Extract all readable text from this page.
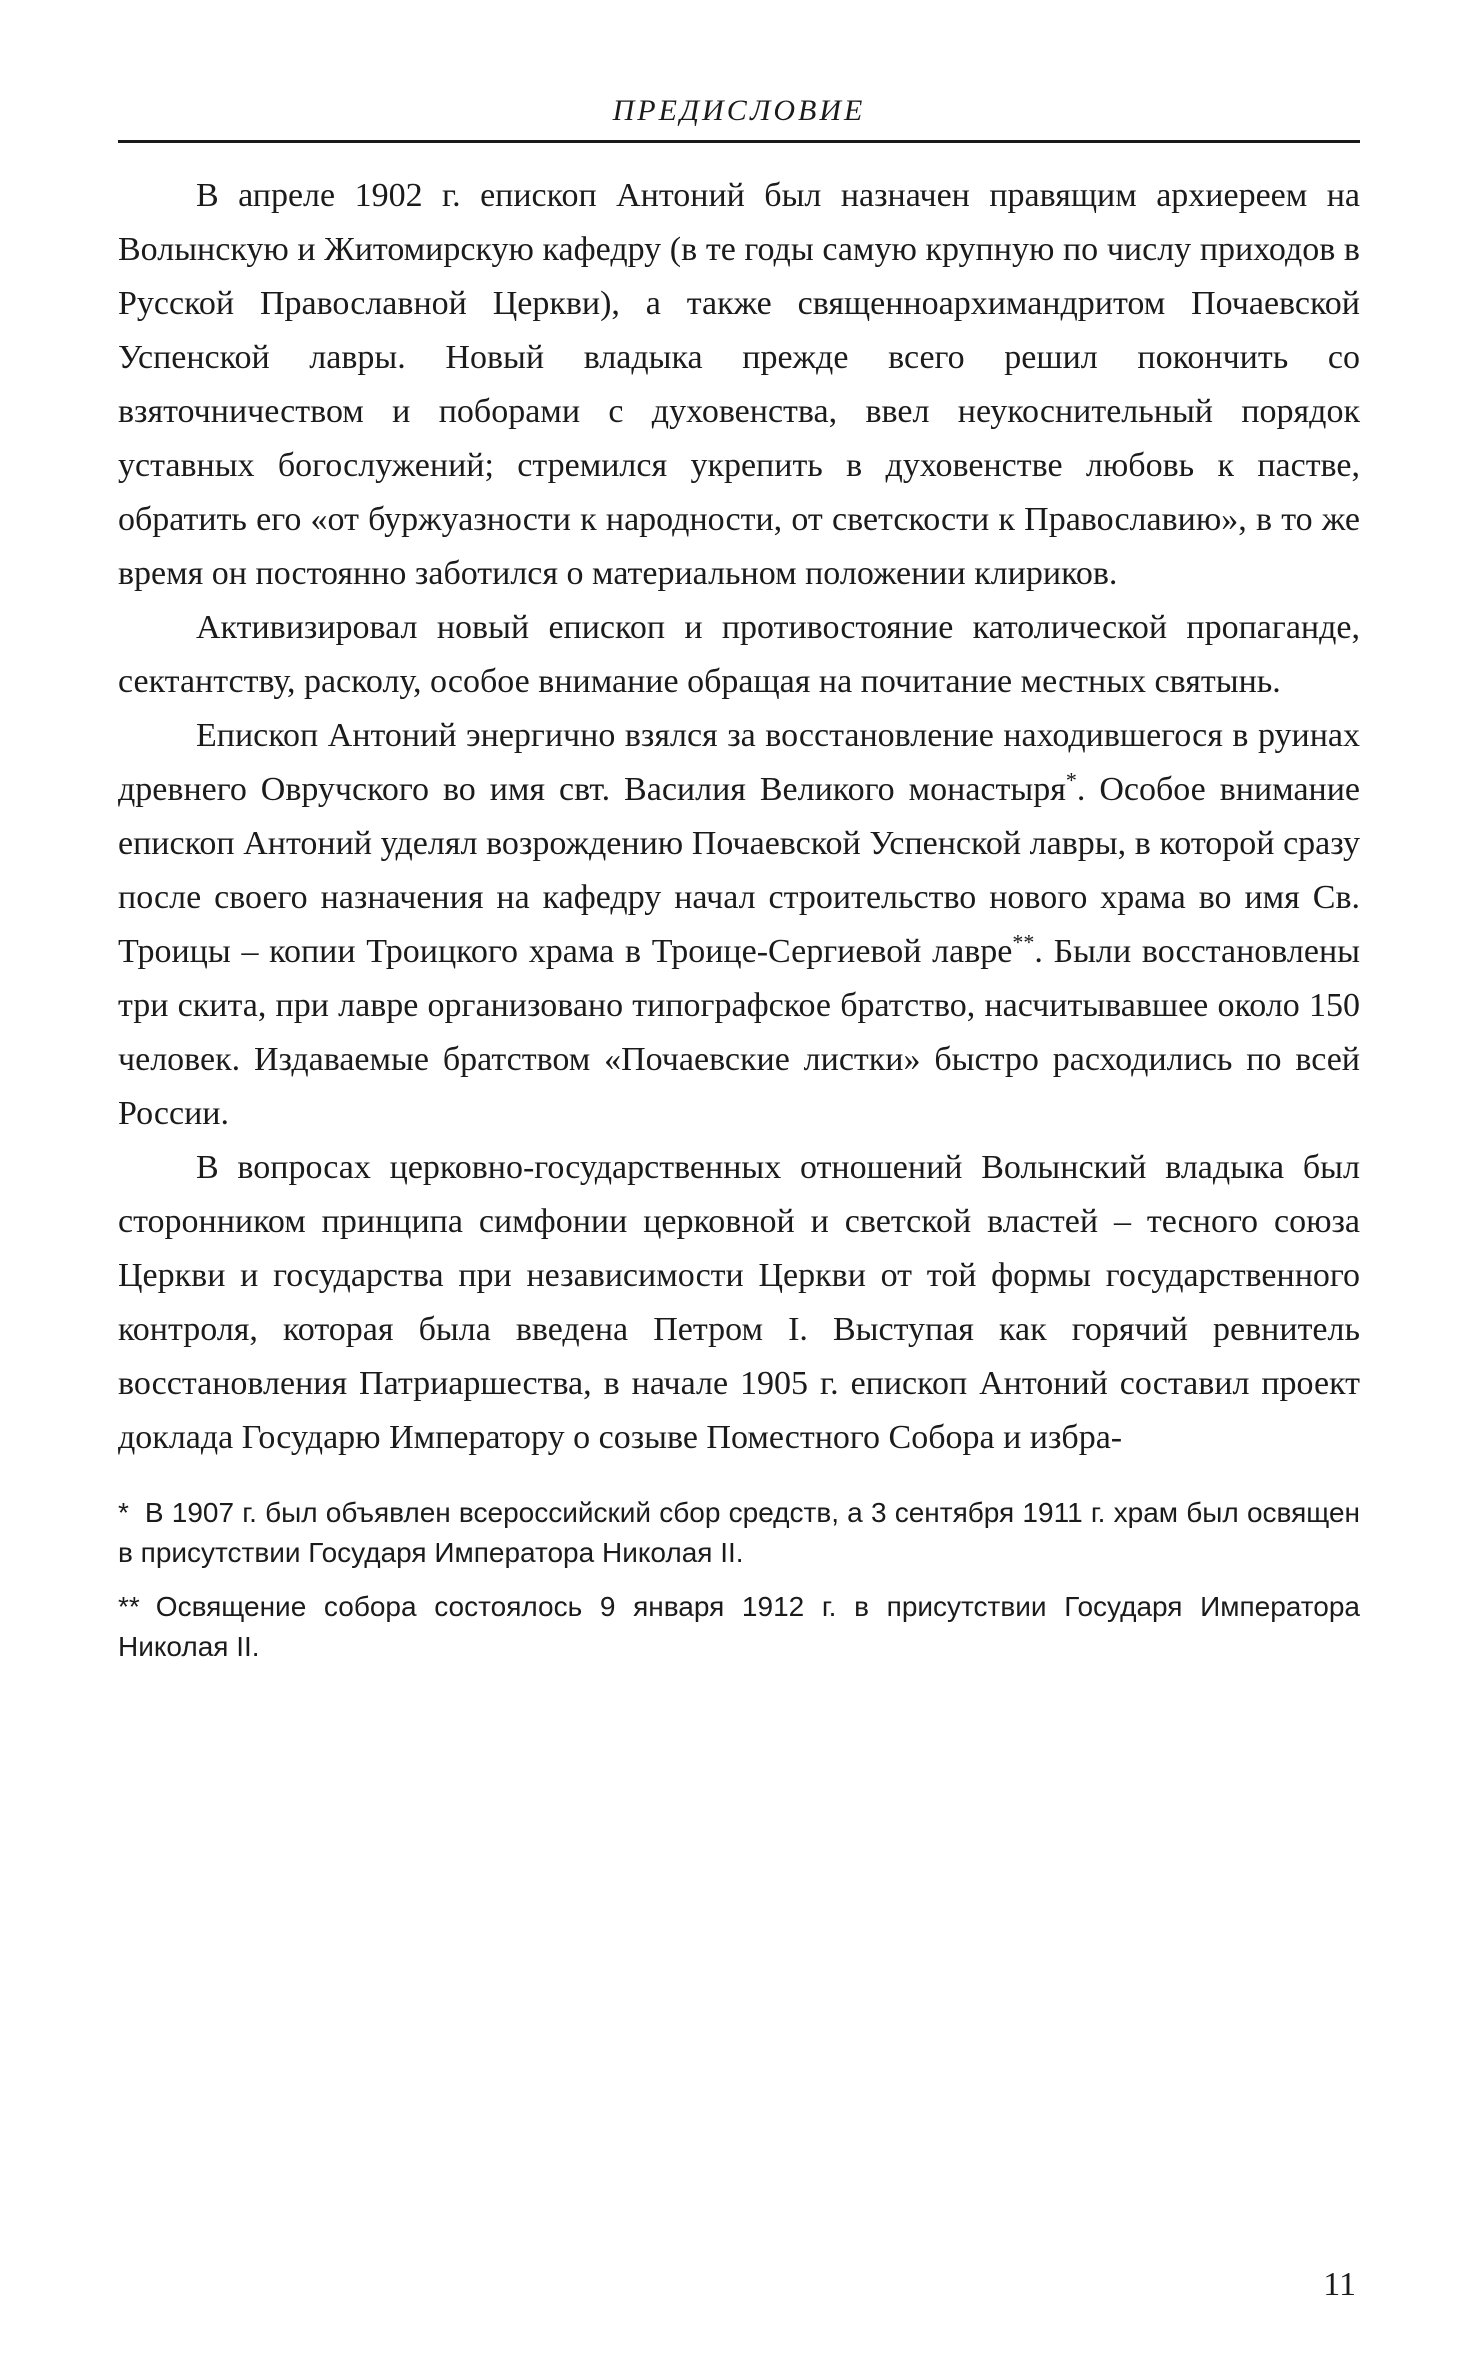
ПРЕДИСЛОВИЕ

В апреле 1902 г. епископ Антоний был назначен правящим архиереем на Волынскую и Житомирскую кафедру (в те годы самую крупную по числу приходов в Русской Православной Церкви), а также священноархимандритом Почаевской Успенской лавры. Новый владыка прежде всего решил покончить со взяточничеством и поборами с духовенства, ввел неукоснительный порядок уставных богослужений; стремился укрепить в духовенстве любовь к пастве, обратить его «от буржуазности к народности, от светскости к Православию», в то же время он постоянно заботился о материальном положении клириков.

Активизировал новый епископ и противостояние католической пропаганде, сектантству, расколу, особое внимание обращая на почитание местных святынь.

Епископ Антоний энергично взялся за восстановление находившегося в руинах древнего Овручского во имя свт. Василия Великого монастыря*. Особое внимание епископ Антоний уделял возрождению Почаевской Успенской лавры, в которой сразу после своего назначения на кафедру начал строительство нового храма во имя Св. Троицы – копии Троицкого храма в Троице-Сергиевой лавре**. Были восстановлены три скита, при лавре организовано типографское братство, насчитывавшее около 150 человек. Издаваемые братством «Почаевские листки» быстро расходились по всей России.

В вопросах церковно-государственных отношений Волынский владыка был сторонником принципа симфонии церковной и светской властей – тесного союза Церкви и государства при независимости Церкви от той формы государственного контроля, которая была введена Петром I. Выступая как горячий ревнитель восстановления Патриаршества, в начале 1905 г. епископ Антоний составил проект доклада Государю Императору о созыве Поместного Собора и избра-

* В 1907 г. был объявлен всероссийский сбор средств, а 3 сентября 1911 г. храм был освящен в присутствии Государя Императора Николая II.

** Освящение собора состоялось 9 января 1912 г. в присутствии Государя Императора Николая II.

11
